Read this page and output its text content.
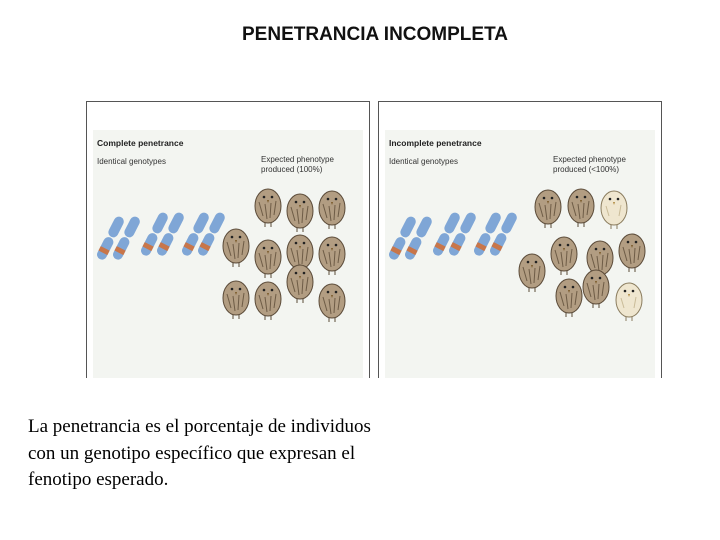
PENETRANCIA INCOMPLETA
Complete penetrance
Identical genotypes	Expected phenotype
produced (100%)
Incomplete penetrance
Identical genotypes	Expected phenotype
produced (<100%)
La penetrancia es el porcentaje de individuos con un genotipo específico que expresan el fenotipo esperado.
